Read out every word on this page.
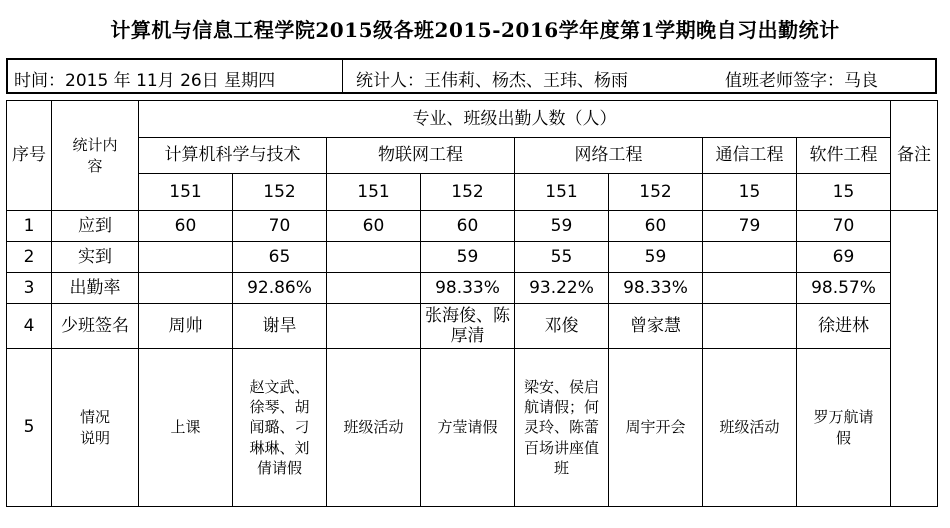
计算机与信息工程学院2015级各班2015-2016学年度第1学期晚自习出勤统计
时间：2015 年 11月 26日 星期四	统计人：王伟莉、杨杰、王玮、杨雨	值班老师签字：马良
序号	统计内容	专业、班级出勤人数（人）								备注
		计算机科学与技术		物联网工程		网络工程		通信工程	软件工程	
		151	152	151	152	151	152	15	15	
1	应到	60	70	60	60	59	60	79	70	
2	实到		65		59	55	59		69	
3	出勤率		92.86%		98.33%	93.22%	98.33%		98.57%	
4	少班签名	周帅	谢旱		张海俊、陈厚清	邓俊	曾家慧		徐进林	
5	情况说明	上课	赵文武、徐琴、胡闻璐、刁琳琳、刘倩请假	班级活动	方莹请假	梁安、侯启航请假；何灵玲、陈蕾百场讲座值班	周宇开会	班级活动	罗万航请假	
